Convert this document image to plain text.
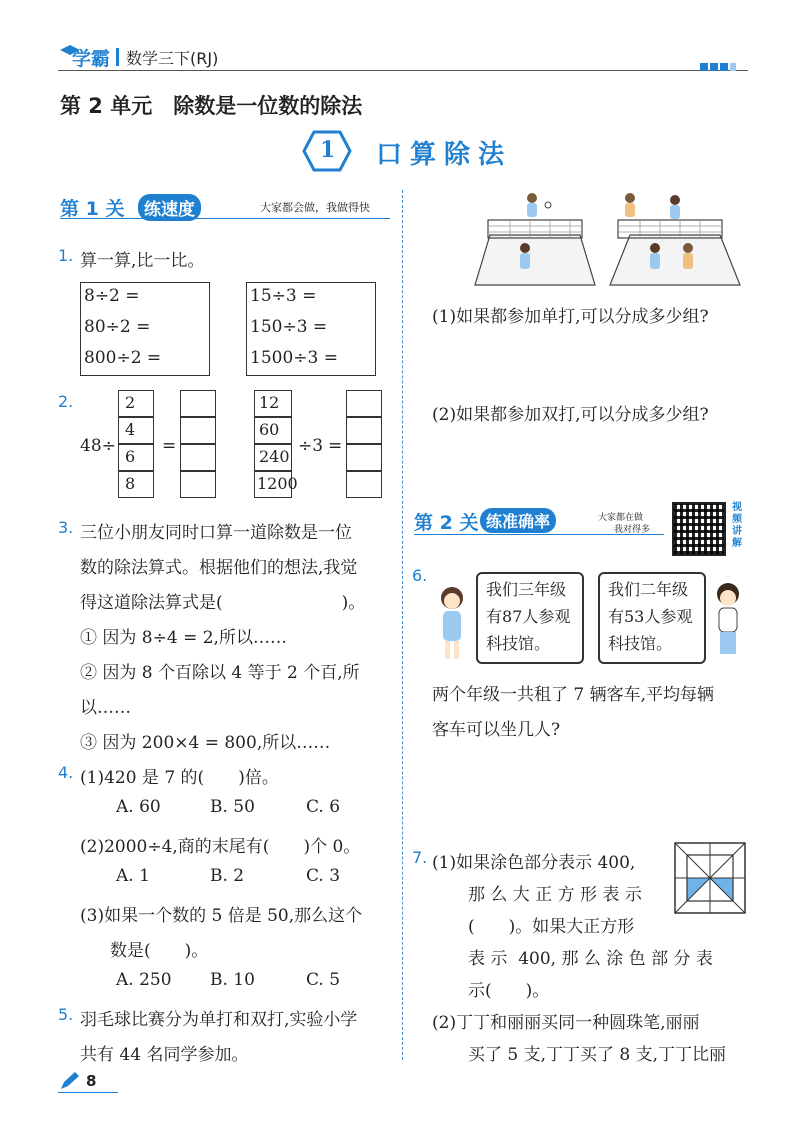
学霸 数学三下(RJ)
第 2 单元　除数是一位数的除法
1 口算除法
第 1 关	练速度	大家都会做，我做得快
1. 算一算,比一比。
8÷2 =
80÷2 =
800÷2 =
15÷3 =
150÷3 =
1500÷3 =
2.
48÷
2
4
6
8
=
12
60
240
1200
÷3 =
3. 三位小朋友同时口算一道除数是一位
数的除法算式。根据他们的想法,我觉
得这道除法算式是(　　　　　　　)。
① 因为 8÷4 = 2,所以……
② 因为 8 个百除以 4 等于 2 个百,所
以……
③ 因为 200×4 = 800,所以……
4. (1)420 是 7 的(　　)倍。
A. 60	B. 50	C. 6
(2)2000÷4,商的末尾有(　　)个 0。
A. 1	B. 2	C. 3
(3)如果一个数的 5 倍是 50,那么这个
数是(　　)。
A. 250 B. 10	C. 5
5. 羽毛球比赛分为单打和双打,实验小学
共有 44 名同学参加。
8
(1)如果都参加单打,可以分成多少组?
(2)如果都参加双打,可以分成多少组?
第 2 关 练准确率	大家都在做
我对得多
视频讲解
6.
我们三年级
有87人参观
科技馆。
我们二年级
有53人参观
科技馆。
两个年级一共租了 7 辆客车,平均每辆
客车可以坐几人?
7. (1)如果涂色部分表示 400,
那 么 大 正 方 形 表 示
(　　)。如果大正方形
表 示  400, 那 么 涂 色 部 分 表
示(　　)。
(2)丁丁和丽丽买同一种圆珠笔,丽丽
买了 5 支,丁丁买了 8 支,丁丁比丽
